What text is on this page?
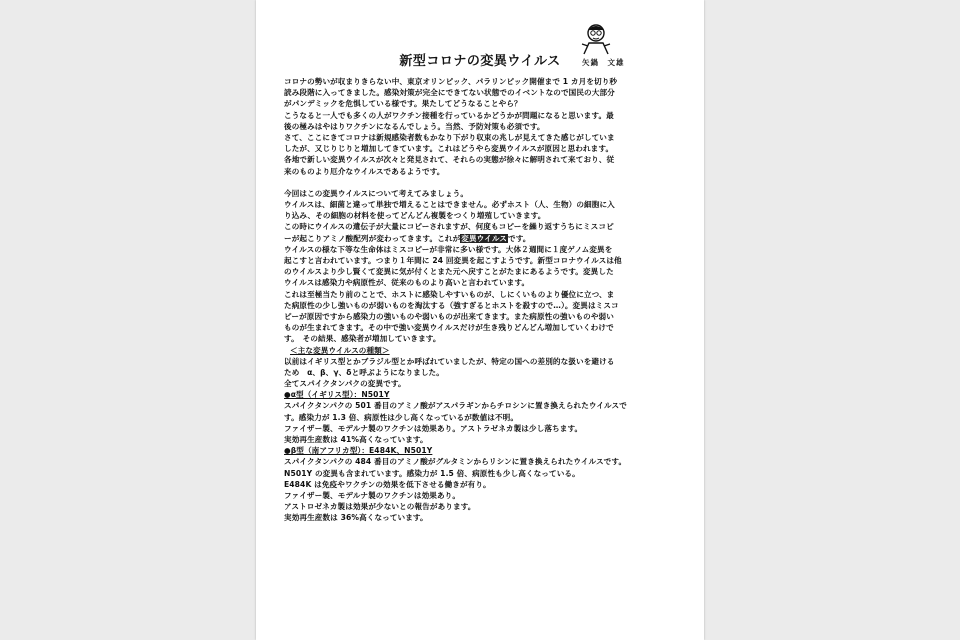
新型コロナの変異ウイルス	矢鍋　文雄
コロナの勢いが収まりきらない中、東京オリンピック、パラリンピック開催まで 1 カ月を切り秒
読み段階に入ってきました。感染対策が完全にできてない状態でのイベントなので国民の大部分
がパンデミックを危惧している様です。果たしてどうなることやら？
こうなると一人でも多くの人がワクチン接種を行っているかどうかが問題になると思います。最
後の極みはやはりワクチンになるんでしょう。当然、予防対策も必須です。
さて、ここにきてコロナは新規感染者数もかなり下がり収束の兆しが見えてきた感じがしていま
したが、又じりじりと増加してきています。これはどうやら変異ウイルスが原因と思われます。
各地で新しい変異ウイルスが次々と発見されて、それらの実態が徐々に解明されて来ており、従
来のものより厄介なウイルスであるようです。
今回はこの変異ウイルスについて考えてみましょう。
ウイルスは、細菌と違って単独で増えることはできません。必ずホスト（人、生物）の細胞に入
り込み、その細胞の材料を使ってどんどん複製をつくり増殖していきます。
この時にウイルスの遺伝子が大量にコピーされますが、何度もコピーを繰り返すうちにミスコピ
ーが起こりアミノ酸配列が変わってきます。これが変異ウイルスです。
ウイルスの様な下等な生命体はミスコピーが非常に多い様です。大体２週間に１度ゲノム変異を
起こすと言われています。つまり１年間に 24 回変異を起こすようです。新型コロナウイルスは他
のウイルスより少し賢くて変異に気が付くとまた元へ戻すことがたまにあるようです。変異した
ウイルスは感染力や病原性が、従来のものより高いと言われています。
これは至極当たり前のことで、ホストに感染しやすいものが、しにくいものより優位に立つ、ま
た病原性の少し強いものが弱いものを淘汰する（強すぎるとホストを殺すので…）。変異はミスコ
ピーが原因ですから感染力の強いものや弱いものが出来てきます。また病原性の強いものや弱い
ものが生まれてきます。その中で強い変異ウイルスだけが生き残りどんどん増加していくわけで
す。　その結果、感染者が増加していきます。
＜主な変異ウイルスの種類＞
以前はイギリス型とかブラジル型とか呼ばれていましたが、特定の国への差別的な扱いを避ける
ため　α、β、γ、δと呼ぶようになりました。
全てスパイクタンパクの変異です。
●α型（イギリス型）：N501Y
スパイクタンパクの 501 番目のアミノ酸がアスパラギンからチロシンに置き換えられたウイルスで
す。感染力が 1.3 倍、病原性は少し高くなっているが数値は不明。
ファイザー製、モデルナ製のワクチンは効果あり。アストラゼネカ製は少し落ちます。
実効再生産数は 41%高くなっています。
●β型（南アフリカ型）：E484K、N501Y
スパイクタンパクの 484 番目のアミノ酸がグルタミンからリシンに置き換えられたウイルスです。
N501Y の変異も含まれています。感染力が 1.5 倍、病原性も少し高くなっている。
E484K は免疫やワクチンの効果を低下させる働きが有り。
ファイザー製、モデルナ製のワクチンは効果あり。
アストロゼネカ製は効果が少ないとの報告があります。
実効再生産数は 36%高くなっています。
